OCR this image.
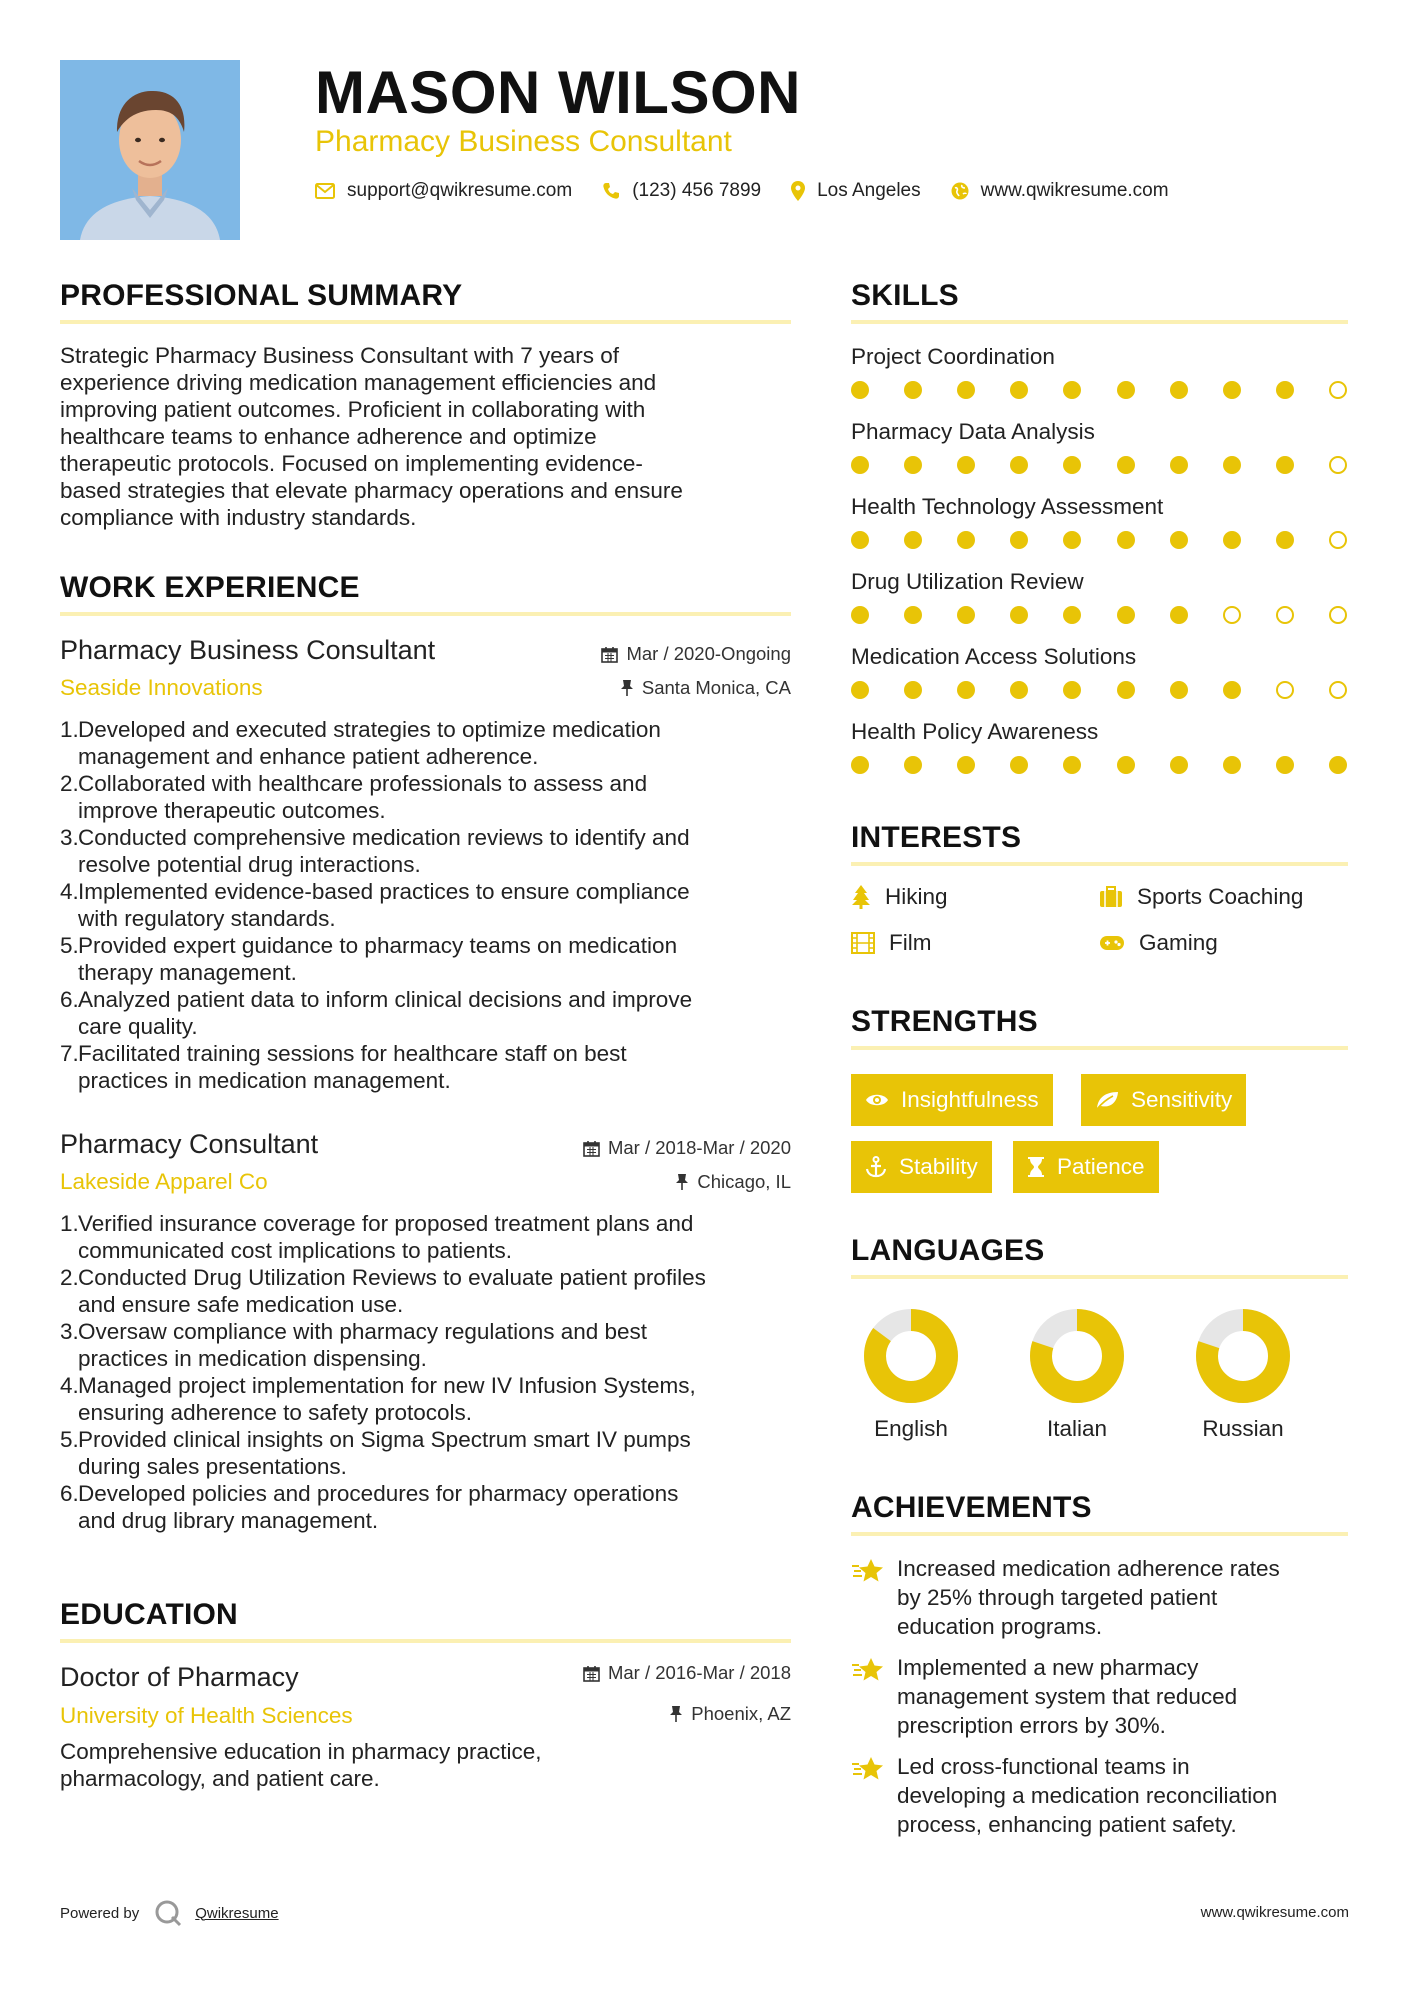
MASON WILSON
Pharmacy Business Consultant
support@qwikresume.com	(123) 456 7899	Los Angeles	www.qwikresume.com
PROFESSIONAL SUMMARY
Strategic Pharmacy Business Consultant with 7 years of
experience driving medication management efficiencies and
improving patient outcomes. Proficient in collaborating with
healthcare teams to enhance adherence and optimize
therapeutic protocols. Focused on implementing evidence-
based strategies that elevate pharmacy operations and ensure
compliance with industry standards.
WORK EXPERIENCE
Pharmacy Business Consultant	Mar / 2020-Ongoing
Seaside Innovations	Santa Monica, CA
1. Developed and executed strategies to optimize medication
management and enhance patient adherence.
2. Collaborated with healthcare professionals to assess and
improve therapeutic outcomes.
3. Conducted comprehensive medication reviews to identify and
resolve potential drug interactions.
4. Implemented evidence-based practices to ensure compliance
with regulatory standards.
5. Provided expert guidance to pharmacy teams on medication
therapy management.
6. Analyzed patient data to inform clinical decisions and improve
care quality.
7. Facilitated training sessions for healthcare staff on best
practices in medication management.
Pharmacy Consultant	Mar / 2018-Mar / 2020
Lakeside Apparel Co	Chicago, IL
1. Verified insurance coverage for proposed treatment plans and
communicated cost implications to patients.
2. Conducted Drug Utilization Reviews to evaluate patient profiles
and ensure safe medication use.
3. Oversaw compliance with pharmacy regulations and best
practices in medication dispensing.
4. Managed project implementation for new IV Infusion Systems,
ensuring adherence to safety protocols.
5. Provided clinical insights on Sigma Spectrum smart IV pumps
during sales presentations.
6. Developed policies and procedures for pharmacy operations
and drug library management.
EDUCATION
Doctor of Pharmacy	Mar / 2016-Mar / 2018
University of Health Sciences	Phoenix, AZ
Comprehensive education in pharmacy practice,
pharmacology, and patient care.
SKILLS
Project Coordination
Pharmacy Data Analysis
Health Technology Assessment
Drug Utilization Review
Medication Access Solutions
Health Policy Awareness
INTERESTS
Hiking	Sports Coaching
Film	Gaming
STRENGTHS
Insightfulness	Sensitivity
Stability	Patience
LANGUAGES
English	Italian	Russian
ACHIEVEMENTS
Increased medication adherence rates
by 25% through targeted patient
education programs.
Implemented a new pharmacy
management system that reduced
prescription errors by 30%.
Led cross-functional teams in
developing a medication reconciliation
process, enhancing patient safety.
Powered by	Qwikresume	www.qwikresume.com
